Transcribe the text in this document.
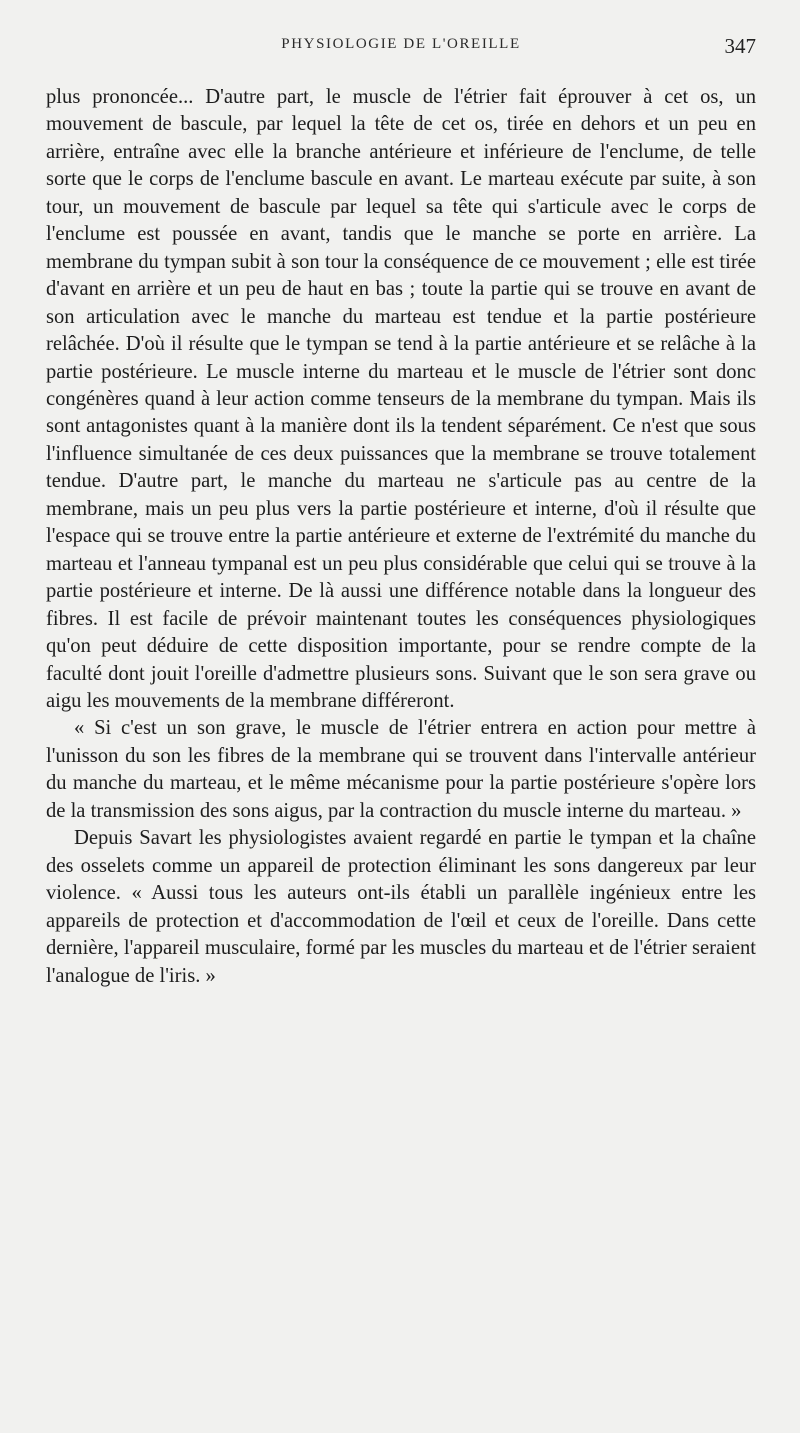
PHYSIOLOGIE DE L'OREILLE	347

plus prononcée... D'autre part, le muscle de l'étrier fait éprouver à cet os, un mouvement de bascule, par lequel la tête de cet os, tirée en dehors et un peu en arrière, entraîne avec elle la branche antérieure et inférieure de l'enclume, de telle sorte que le corps de l'enclume bascule en avant. Le marteau exécute par suite, à son tour, un mouvement de bascule par lequel sa tête qui s'articule avec le corps de l'enclume est poussée en avant, tandis que le manche se porte en arrière. La membrane du tympan subit à son tour la conséquence de ce mouvement ; elle est tirée d'avant en arrière et un peu de haut en bas ; toute la partie qui se trouve en avant de son articulation avec le manche du marteau est tendue et la partie postérieure relâchée. D'où il résulte que le tympan se tend à la partie antérieure et se relâche à la partie postérieure. Le muscle interne du marteau et le muscle de l'étrier sont donc congénères quand à leur action comme tenseurs de la membrane du tympan. Mais ils sont antagonistes quant à la manière dont ils la tendent séparément. Ce n'est que sous l'influence simultanée de ces deux puissances que la membrane se trouve totalement tendue. D'autre part, le manche du marteau ne s'articule pas au centre de la membrane, mais un peu plus vers la partie postérieure et interne, d'où il résulte que l'espace qui se trouve entre la partie antérieure et externe de l'extrémité du manche du marteau et l'anneau tympanal est un peu plus considérable que celui qui se trouve à la partie postérieure et interne. De là aussi une différence notable dans la longueur des fibres. Il est facile de prévoir maintenant toutes les conséquences physiologiques qu'on peut déduire de cette disposition importante, pour se rendre compte de la faculté dont jouit l'oreille d'admettre plusieurs sons. Suivant que le son sera grave ou aigu les mouvements de la membrane différeront.

« Si c'est un son grave, le muscle de l'étrier entrera en action pour mettre à l'unisson du son les fibres de la membrane qui se trouvent dans l'intervalle antérieur du manche du marteau, et le même mécanisme pour la partie postérieure s'opère lors de la transmission des sons aigus, par la contraction du muscle interne du marteau. »

Depuis Savart les physiologistes avaient regardé en partie le tympan et la chaîne des osselets comme un appareil de protection éliminant les sons dangereux par leur violence. « Aussi tous les auteurs ont-ils établi un parallèle ingénieux entre les appareils de protection et d'accommodation de l'œil et ceux de l'oreille. Dans cette dernière, l'appareil musculaire, formé par les muscles du marteau et de l'étrier seraient l'analogue de l'iris. »
